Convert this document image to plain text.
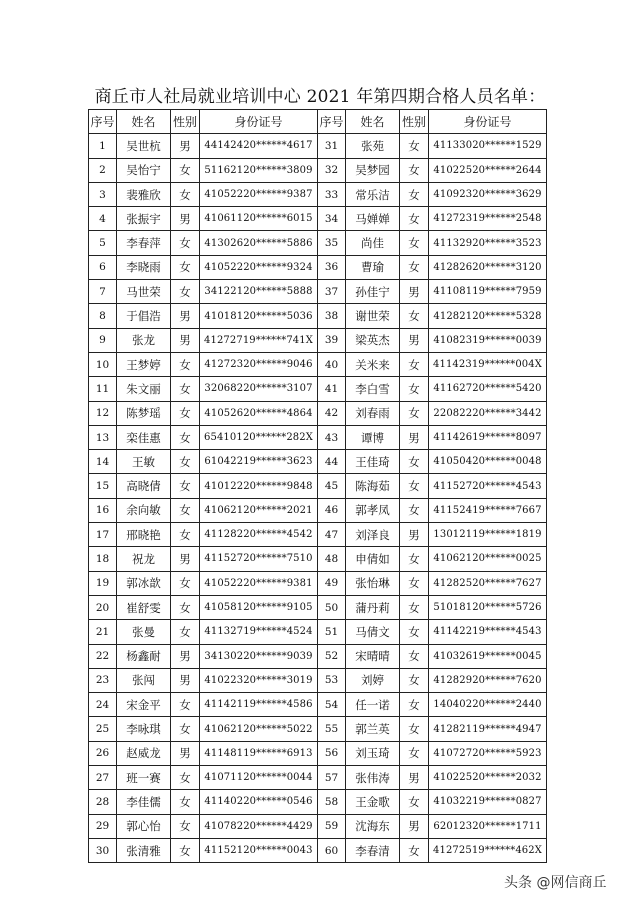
商丘市人社局就业培训中心 2021 年第四期合格人员名单：
序号	姓名	性别	身份证号	序号	姓名	性别	身份证号
1	吴世杭	男	44142420******4617	31	张苑	女	41133020******1529
2	吴怡宁	女	51162120******3809	32	吴梦园	女	41022520******2644
3	裴雅欣	女	41052220******9387	33	常乐洁	女	41092320******3629
4	张振宇	男	41061120******6015	34	马婵婵	女	41272319******2548
5	李春萍	女	41302620******5886	35	尚佳	女	41132920******3523
6	李晓雨	女	41052220******9324	36	曹瑜	女	41282620******3120
7	马世荣	女	34122120******5888	37	孙佳宁	男	41108119******7959
8	于倡浩	男	41018120******5036	38	谢世荣	女	41282120******5328
9	张龙	男	41272719******741X	39	梁英杰	男	41082319******0039
10	王梦婷	女	41272320******9046	40	关米来	女	41142319******004X
11	朱文丽	女	32068220******3107	41	李白雪	女	41162720******5420
12	陈梦瑶	女	41052620******4864	42	刘春雨	女	22082220******3442
13	栾佳惠	女	65410120******282X	43	谭博	男	41142619******8097
14	王敏	女	61042219******3623	44	王佳琦	女	41050420******0048
15	高晓倩	女	41012220******9848	45	陈海茹	女	41152720******4543
16	余向敏	女	41062120******2021	46	郭孝凤	女	41152419******7667
17	邢晓艳	女	41128220******4542	47	刘泽良	男	13012119******1819
18	祝龙	男	41152720******7510	48	申倩如	女	41062120******0025
19	郭冰歆	女	41052220******9381	49	张怡琳	女	41282520******7627
20	崔舒雯	女	41058120******9105	50	蒲丹莉	女	51018120******5726
21	张曼	女	41132719******4524	51	马倩文	女	41142219******4543
22	杨鑫耐	男	34130220******9039	52	宋晴晴	女	41032619******0045
23	张闯	男	41022320******3019	53	刘婷	女	41282920******7620
24	宋金平	女	41142119******4586	54	任一诺	女	14040220******2440
25	李咏琪	女	41062120******5022	55	郭兰英	女	41282119******4947
26	赵威龙	男	41148119******6913	56	刘玉琦	女	41072720******5923
27	班一赛	女	41071120******0044	57	张伟涛	男	41022520******2032
28	李佳儒	女	41140220******0546	58	王金歌	女	41032219******0827
29	郭心怡	女	41078220******4429	59	沈海东	男	62012320******1711
30	张清雅	女	41152120******0043	60	李春清	女	41272519******462X
头条 @网信商丘
